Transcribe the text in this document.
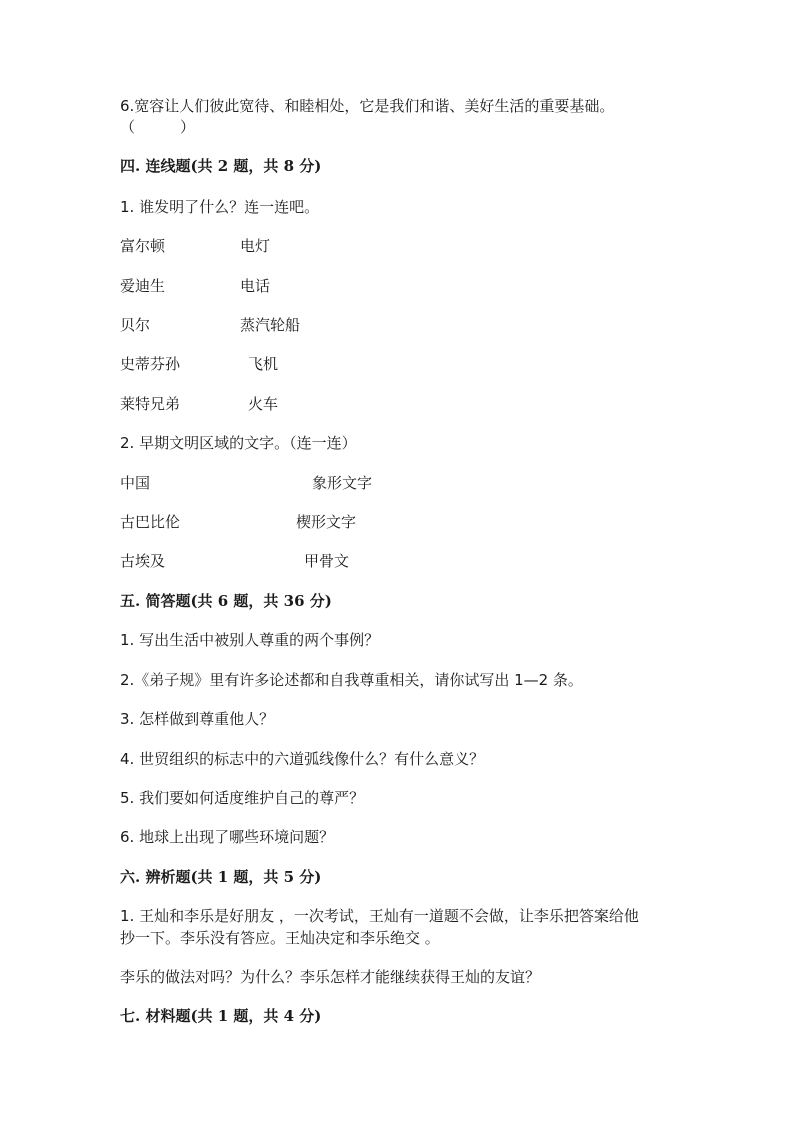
6.宽容让人们彼此宽待、和睦相处，它是我们和谐、美好生活的重要基础。
（　　　）
四. 连线题(共 2 题，共 8 分)
1. 谁发明了什么？连一连吧。
富尔顿	电灯
爱迪生	电话
贝尔	蒸汽轮船
史蒂芬孙	飞机
莱特兄弟	火车
2. 早期文明区域的文字。（连一连）
中国	象形文字
古巴比伦	楔形文字
古埃及	甲骨文
五. 简答题(共 6 题，共 36 分)
1. 写出生活中被别人尊重的两个事例？
2.《弟子规》里有许多论述都和自我尊重相关，请你试写出 1—2 条。
3. 怎样做到尊重他人？
4. 世贸组织的标志中的六道弧线像什么？有什么意义？
5. 我们要如何适度维护自己的尊严？
6. 地球上出现了哪些环境问题？
六. 辨析题(共 1 题，共 5 分)
1. 王灿和李乐是好朋友 ，一次考试，王灿有一道题不会做，让李乐把答案给他
抄一下。李乐没有答应。王灿决定和李乐绝交 。
李乐的做法对吗？为什么？李乐怎样才能继续获得王灿的友谊？
七. 材料题(共 1 题，共 4 分)
